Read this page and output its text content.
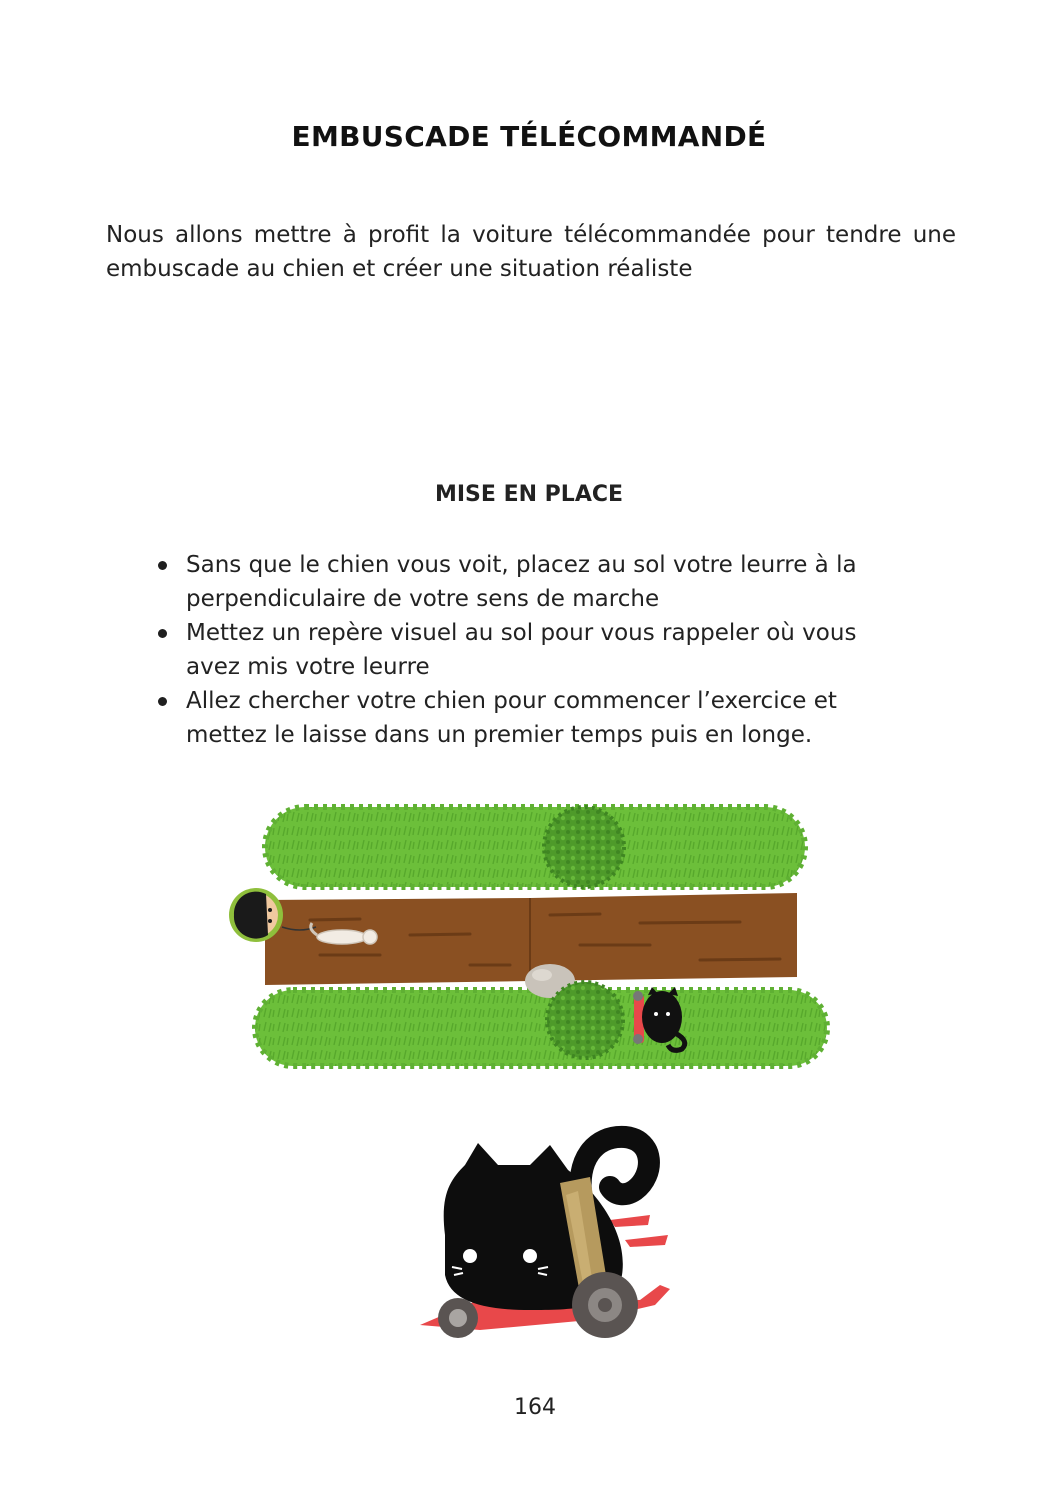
EMBUSCADE TÉLÉCOMMANDÉ
Nous allons mettre à profit la voiture télécommandée pour tendre une embuscade au chien et créer une situation réaliste
MISE EN PLACE
Sans que le chien vous voit, placez au sol votre leurre à la perpendiculaire de votre sens de marche
Mettez un repère visuel au sol pour vous rappeler où vous avez mis votre leurre
Allez chercher votre chien pour commencer l’exercice et mettez le laisse dans un premier temps puis en longe.
164
